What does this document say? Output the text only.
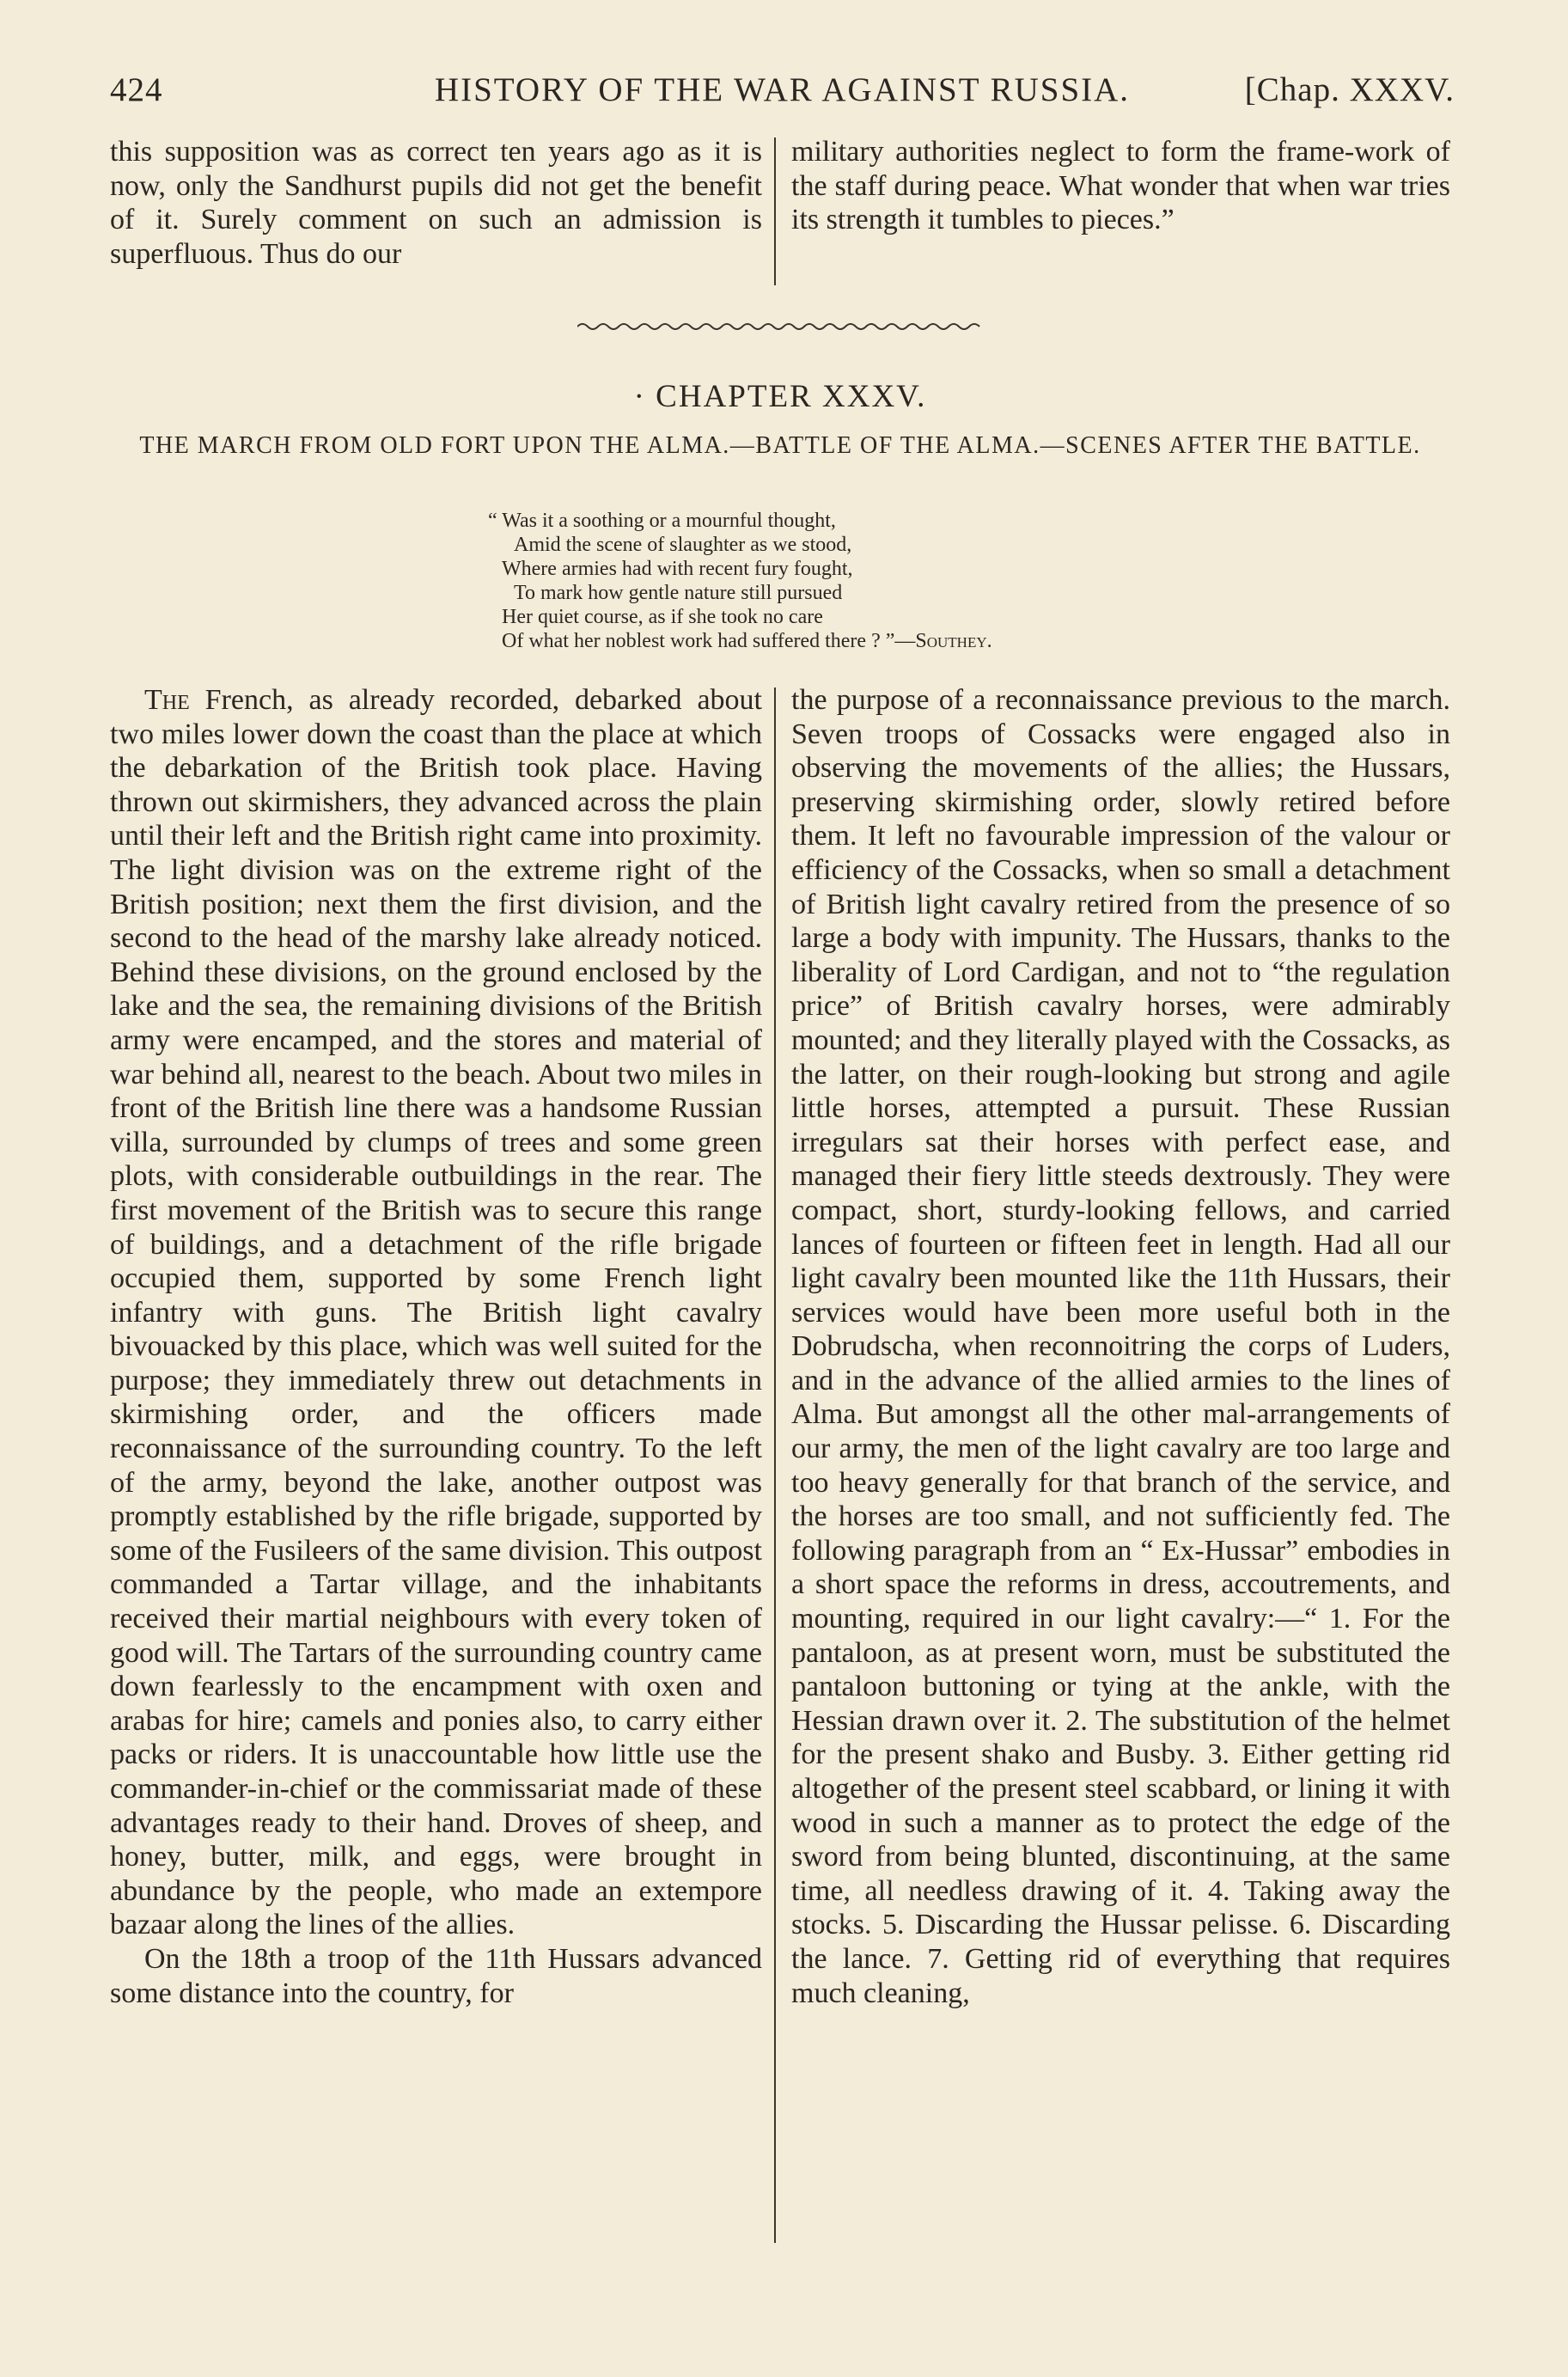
424	HISTORY OF THE WAR AGAINST RUSSIA.	[Chap. XXXV.

this supposition was as correct ten years ago as it is now, only the Sandhurst pupils did not get the benefit of it. Surely comment on such an admission is superfluous. Thus do our

military authorities neglect to form the frame-work of the staff during peace. What wonder that when war tries its strength it tumbles to pieces.”

· CHAPTER XXXV.
THE MARCH FROM OLD FORT UPON THE ALMA.—BATTLE OF THE ALMA.—SCENES AFTER THE BATTLE.
“ Was it a soothing or a mournful thought,
Amid the scene of slaughter as we stood,
Where armies had with recent fury fought,
To mark how gentle nature still pursued
Her quiet course, as if she took no care
Of what her noblest work had suffered there ? ”—Southey.

The French, as already recorded, debarked about two miles lower down the coast than the place at which the debarkation of the British took place. Having thrown out skirmishers, they advanced across the plain until their left and the British right came into proximity. The light division was on the extreme right of the British position; next them the first division, and the second to the head of the marshy lake already noticed. Behind these divisions, on the ground enclosed by the lake and the sea, the remaining divisions of the British army were encamped, and the stores and material of war behind all, nearest to the beach. About two miles in front of the British line there was a handsome Russian villa, surrounded by clumps of trees and some green plots, with considerable outbuildings in the rear. The first movement of the British was to secure this range of buildings, and a detachment of the rifle brigade occupied them, supported by some French light infantry with guns. The British light cavalry bivouacked by this place, which was well suited for the purpose; they immediately threw out detachments in skirmishing order, and the officers made reconnaissance of the surrounding country. To the left of the army, beyond the lake, another outpost was promptly established by the rifle brigade, supported by some of the Fusileers of the same division. This outpost commanded a Tartar village, and the inhabitants received their martial neighbours with every token of good will. The Tartars of the surrounding country came down fearlessly to the encampment with oxen and arabas for hire; camels and ponies also, to carry either packs or riders. It is unaccountable how little use the commander-in-chief or the commissariat made of these advantages ready to their hand. Droves of sheep, and honey, butter, milk, and eggs, were brought in abundance by the people, who made an extempore bazaar along the lines of the allies.

On the 18th a troop of the 11th Hussars advanced some distance into the country, for

the purpose of a reconnaissance previous to the march. Seven troops of Cossacks were engaged also in observing the movements of the allies; the Hussars, preserving skirmishing order, slowly retired before them. It left no favourable impression of the valour or efficiency of the Cossacks, when so small a detachment of British light cavalry retired from the presence of so large a body with impunity. The Hussars, thanks to the liberality of Lord Cardigan, and not to “the regulation price” of British cavalry horses, were admirably mounted; and they literally played with the Cossacks, as the latter, on their rough-looking but strong and agile little horses, attempted a pursuit. These Russian irregulars sat their horses with perfect ease, and managed their fiery little steeds dextrously. They were compact, short, sturdy-looking fellows, and carried lances of fourteen or fifteen feet in length. Had all our light cavalry been mounted like the 11th Hussars, their services would have been more useful both in the Dobrudscha, when reconnoitring the corps of Luders, and in the advance of the allied armies to the lines of Alma. But amongst all the other mal-arrangements of our army, the men of the light cavalry are too large and too heavy generally for that branch of the service, and the horses are too small, and not sufficiently fed. The following paragraph from an “ Ex-Hussar” embodies in a short space the reforms in dress, accoutrements, and mounting, required in our light cavalry:—“ 1. For the pantaloon, as at present worn, must be substituted the pantaloon buttoning or tying at the ankle, with the Hessian drawn over it. 2. The substitution of the helmet for the present shako and Busby. 3. Either getting rid altogether of the present steel scabbard, or lining it with wood in such a manner as to protect the edge of the sword from being blunted, discontinuing, at the same time, all needless drawing of it. 4. Taking away the stocks. 5. Discarding the Hussar pelisse. 6. Discarding the lance. 7. Getting rid of everything that requires much cleaning,
